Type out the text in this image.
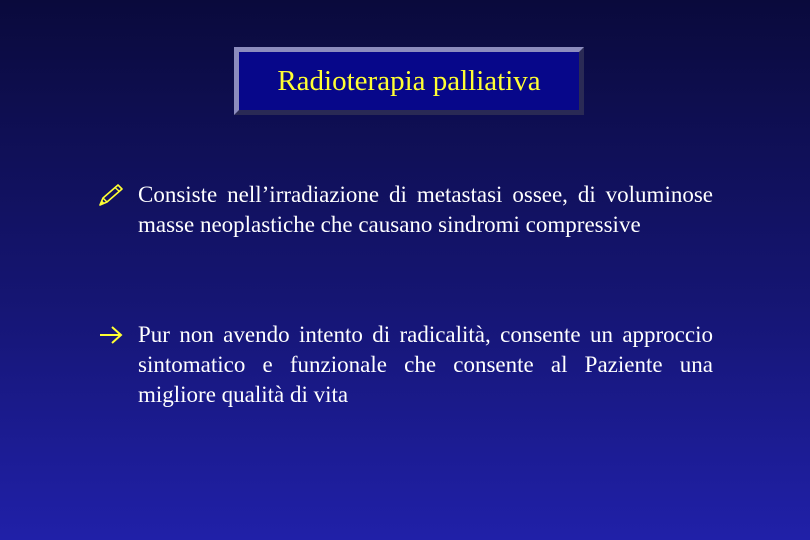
Radioterapia palliativa
Consiste nell’irradiazione di metastasi ossee, di voluminose masse neoplastiche che causano sindromi compressive
Pur non avendo intento di radicalità, consente un approccio sintomatico e funzionale che consente al Paziente una migliore qualità di vita
